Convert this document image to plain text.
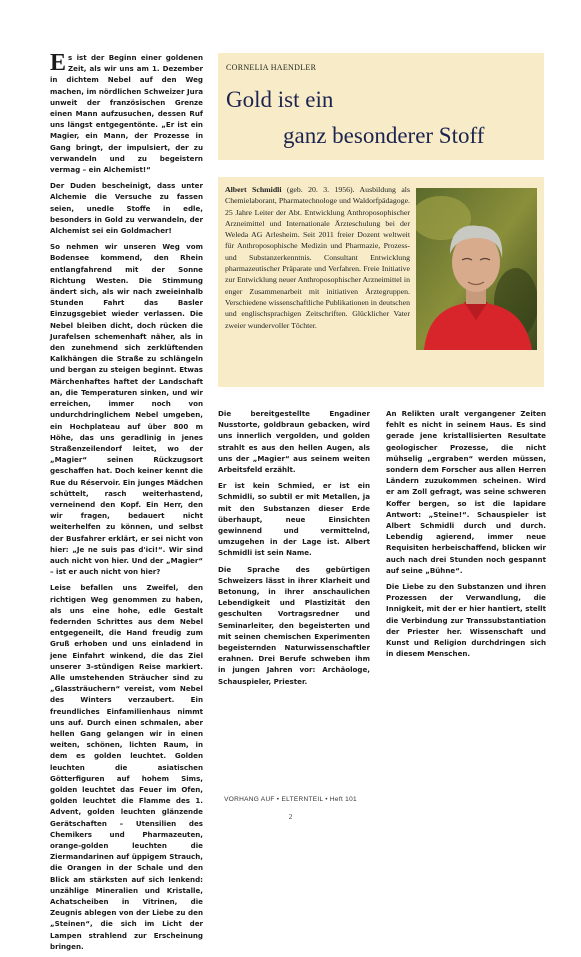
Es ist der Beginn einer goldenen Zeit, als wir uns am 1. Dezember in dichtem Nebel auf den Weg machen, im nördlichen Schweizer Jura unweit der französischen Grenze einen Mann aufzusuchen, dessen Ruf uns längst entgegentönte. „Er ist ein Magier, ein Mann, der Prozesse in Gang bringt, der impulsiert, der zu verwandeln und zu begeistern vermag – ein Alchemist!“

Der Duden bescheinigt, dass unter Alchemie die Versuche zu fassen seien, unedle Stoffe in edle, besonders in Gold zu verwandeln, der Alchemist sei ein Goldmacher!

So nehmen wir unseren Weg vom Bodensee kommend, den Rhein entlangfahrend mit der Sonne Richtung Westen. Die Stimmung ändert sich, als wir nach zweieinhalb Stunden Fahrt das Basler Einzugsgebiet wieder verlassen. Die Nebel bleiben dicht, doch rücken die Jurafelsen schemenhaft näher, als in den zunehmend sich zerklüftenden Kalkhängen die Straße zu schlängeln und bergan zu steigen beginnt. Etwas Märchenhaftes haftet der Landschaft an, die Temperaturen sinken, und wir erreichen, immer noch von undurchdringlichem Nebel umgeben, ein Hochplateau auf über 800 m Höhe, das uns geradlinig in jenes Straßenzeilendorf leitet, wo der „Magier“ seinen Rückzugsort geschaffen hat. Doch keiner kennt die Rue du Réservoir. Ein junges Mädchen schüttelt, rasch weiterhastend, verneinend den Kopf. Ein Herr, den wir fragen, bedauert nicht weiterhelfen zu können, und selbst der Busfahrer erklärt, er sei nicht von hier: „Je ne suis pas d'ici!“. Wir sind auch nicht von hier. Und der „Magier“ – ist er auch nicht von hier?

Leise befallen uns Zweifel, den richtigen Weg genommen zu haben, als uns eine hohe, edle Gestalt federnden Schrittes aus dem Nebel entgegeneilt, die Hand freudig zum Gruß erhoben und uns einladend in jene Einfahrt winkend, die das Ziel unserer 3-stündigen Reise markiert. Alle umstehenden Sträucher sind zu „Glassträuchern“ vereist, vom Nebel des Winters verzaubert. Ein freundliches Einfamilienhaus nimmt uns auf. Durch einen schmalen, aber hellen Gang gelangen wir in einen weiten, schönen, lichten Raum, in dem es golden leuchtet. Golden leuchten die asiatischen Götterfiguren auf hohem Sims, golden leuchtet das Feuer im Ofen, golden leuchtet die Flamme des 1. Advent, golden leuchten glänzende Gerätschaften – Utensilien des Chemikers und Pharmazeuten, orange-golden leuchten die Ziermandarinen auf üppigem Strauch, die Orangen in der Schale und den Blick am stärksten auf sich lenkend: unzählige Mineralien und Kristalle, Achatscheiben in Vitrinen, die Zeugnis ablegen von der Liebe zu den „Steinen“, die sich im Licht der Lampen strahlend zur Erscheinung bringen.

Die bereitgestellte Engadiner Nusstorte, goldbraun gebacken, wird uns innerlich vergolden, und golden strahlt es aus den hellen Augen, als uns der „Magier“ aus seinem weiten Arbeitsfeld erzählt.

Er ist kein Schmied, er ist ein Schmidli, so subtil er mit Metallen, ja mit den Substanzen dieser Erde überhaupt, neue Einsichten gewinnend und vermittelnd, umzugehen in der Lage ist. Albert Schmidli ist sein Name.

Die Sprache des gebürtigen Schweizers lässt in ihrer Klarheit und Betonung, in ihrer anschaulichen Lebendigkeit und Plastizität den geschulten Vortragsredner und Seminarleiter, den begeisterten und mit seinen chemischen Experimenten begeisternden Naturwissenschaftler erahnen. Drei Berufe schweben ihm in jungen Jahren vor: Archäologe, Schauspieler, Priester.

An Relikten uralt vergangener Zeiten fehlt es nicht in seinem Haus. Es sind gerade jene kristallisierten Resultate geologischer Prozesse, die nicht mühselig „ergraben“ werden müssen, sondern dem Forscher aus allen Herren Ländern zuzukommen scheinen. Wird er am Zoll gefragt, was seine schweren Koffer bergen, so ist die lapidare Antwort: „Steine!“. Schauspieler ist Albert Schmidli durch und durch. Lebendig agierend, immer neue Requisiten herbeischaffend, blicken wir auch nach drei Stunden noch gespannt auf seine „Bühne“.

Die Liebe zu den Substanzen und ihren Prozessen der Verwandlung, die Innigkeit, mit der er hier hantiert, stellt die Verbindung zur Transsubstantiation der Priester her. Wissenschaft und Kunst und Religion durchdringen sich in diesem Menschen.

CORNELIA HAENDLER
Gold ist ein
ganz besonderer Stoff
Albert Schmidli (geb. 20. 3. 1956). Ausbildung als Chemielaborant, Pharmatechnologe und Waldorfpädagoge. 25 Jahre Leiter der Abt. Entwicklung Anthroposophischer Arzneimittel und Internationale Ärzteschulung bei der Weleda AG Arlesheim. Seit 2011 freier Dozent weltweit für Anthroposophische Medizin und Pharmazie, Prozess- und Substanzerkenntnis. Consultant Entwicklung pharmazeutischer Präparate und Verfahren. Freie Initiative zur Entwicklung neuer Anthroposophischer Arzneimittel in enger Zusammenarbeit mit initiativen Ärztegruppen. Verschiedene wissenschaftliche Publikationen in deutschen und englischsprachigen Zeitschriften. Glücklicher Vater zweier wundervoller Töchter.
VORHANG AUF • ELTERNTEIL • Heft 101
2
